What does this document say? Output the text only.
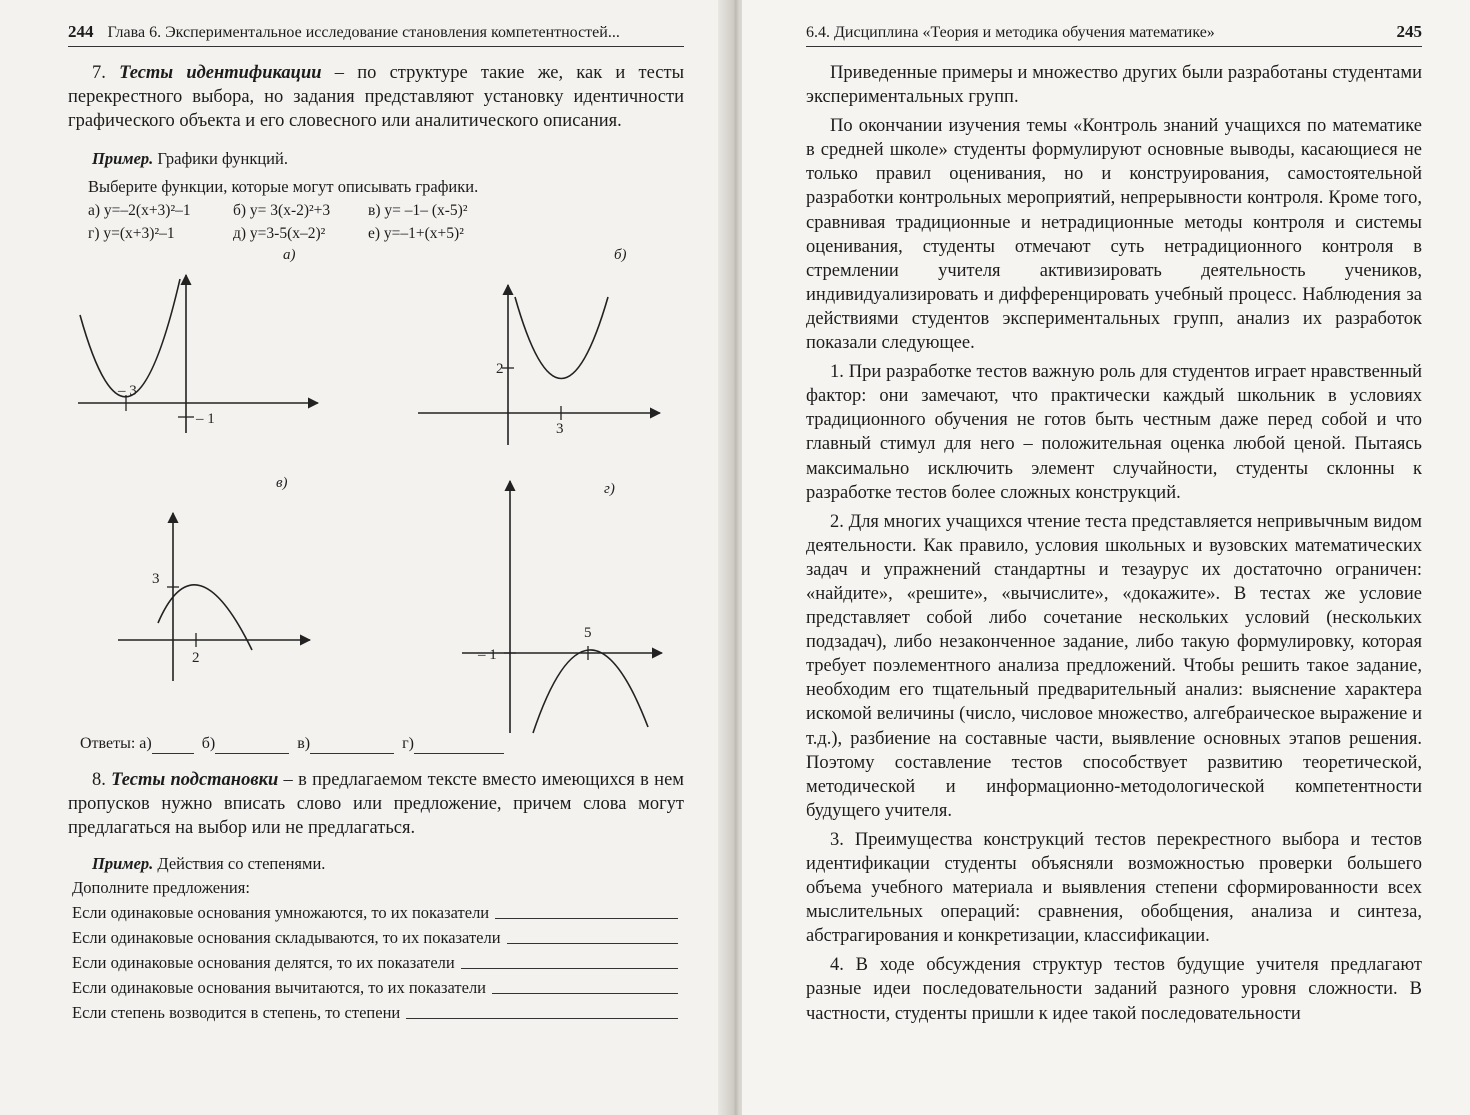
244 Глава 6. Экспериментальное исследование становления компетентностей...

7. Тесты идентификации – по структуре такие же, как и тесты перекрестного выбора, но задания представляют установку идентичности графического объекта и его словесного или аналитического описания.

Пример. Графики функций.

Выберите функции, которые могут описывать графики.

а) y=–2(x+3)²–1	б) y= 3(x-2)²+3	в) y= –1– (x-5)²
г) y=(x+3)²–1	д) y=3-5(x–2)²	е) y=–1+(x+5)²
а)
– 3
– 1
б)
2
3
в)
3
2
г)
5
– 1
Ответы: а)	б)	в)	г)

8. Тесты подстановки – в предлагаемом тексте вместо имеющихся в нем пропусков нужно вписать слово или предложение, причем слова могут предлагаться на выбор или не предлагаться.

Пример. Действия со степенями.

Дополните предложения:

Если одинаковые основания умножаются, то их показатели
Если одинаковые основания складываются, то их показатели
Если одинаковые основания делятся, то их показатели
Если одинаковые основания вычитаются, то их показатели
Если степень возводится в степень, то степени
6.4. Дисциплина «Теория и методика обучения математике»	245

Приведенные примеры и множество других были разработаны студентами экспериментальных групп.

По окончании изучения темы «Контроль знаний учащихся по математике в средней школе» студенты формулируют основные выводы, касающиеся не только правил оценивания, но и конструирования, самостоятельной разработки контрольных мероприятий, непрерывности контроля. Кроме того, сравнивая традиционные и нетрадиционные методы контроля и системы оценивания, студенты отмечают суть нетрадиционного контроля в стремлении учителя активизировать деятельность учеников, индивидуализировать и дифференцировать учебный процесс. Наблюдения за действиями студентов экспериментальных групп, анализ их разработок показали следующее.

1. При разработке тестов важную роль для студентов играет нравственный фактор: они замечают, что практически каждый школьник в условиях традиционного обучения не готов быть честным даже перед собой и что главный стимул для него – положительная оценка любой ценой. Пытаясь максимально исключить элемент случайности, студенты склонны к разработке тестов более сложных конструкций.

2. Для многих учащихся чтение теста представляется непривычным видом деятельности. Как правило, условия школьных и вузовских математических задач и упражнений стандартны и тезаурус их достаточно ограничен: «найдите», «решите», «вычислите», «докажите». В тестах же условие представляет собой либо сочетание нескольких условий (нескольких подзадач), либо незаконченное задание, либо такую формулировку, которая требует поэлементного анализа предложений. Чтобы решить такое задание, необходим его тщательный предварительный анализ: выяснение характера искомой величины (число, числовое множество, алгебраическое выражение и т.д.), разбиение на составные части, выявление основных этапов решения. Поэтому составление тестов способствует развитию теоретической, методической и информационно-методологической компетентности будущего учителя.

3. Преимущества конструкций тестов перекрестного выбора и тестов идентификации студенты объясняли возможностью проверки большего объема учебного материала и выявления степени сформированности всех мыслительных операций: сравнения, обобщения, анализа и синтеза, абстрагирования и конкретизации, классификации.

4. В ходе обсуждения структур тестов будущие учителя предлагают разные идеи последовательности заданий разного уровня сложности. В частности, студенты пришли к идее такой последовательности
